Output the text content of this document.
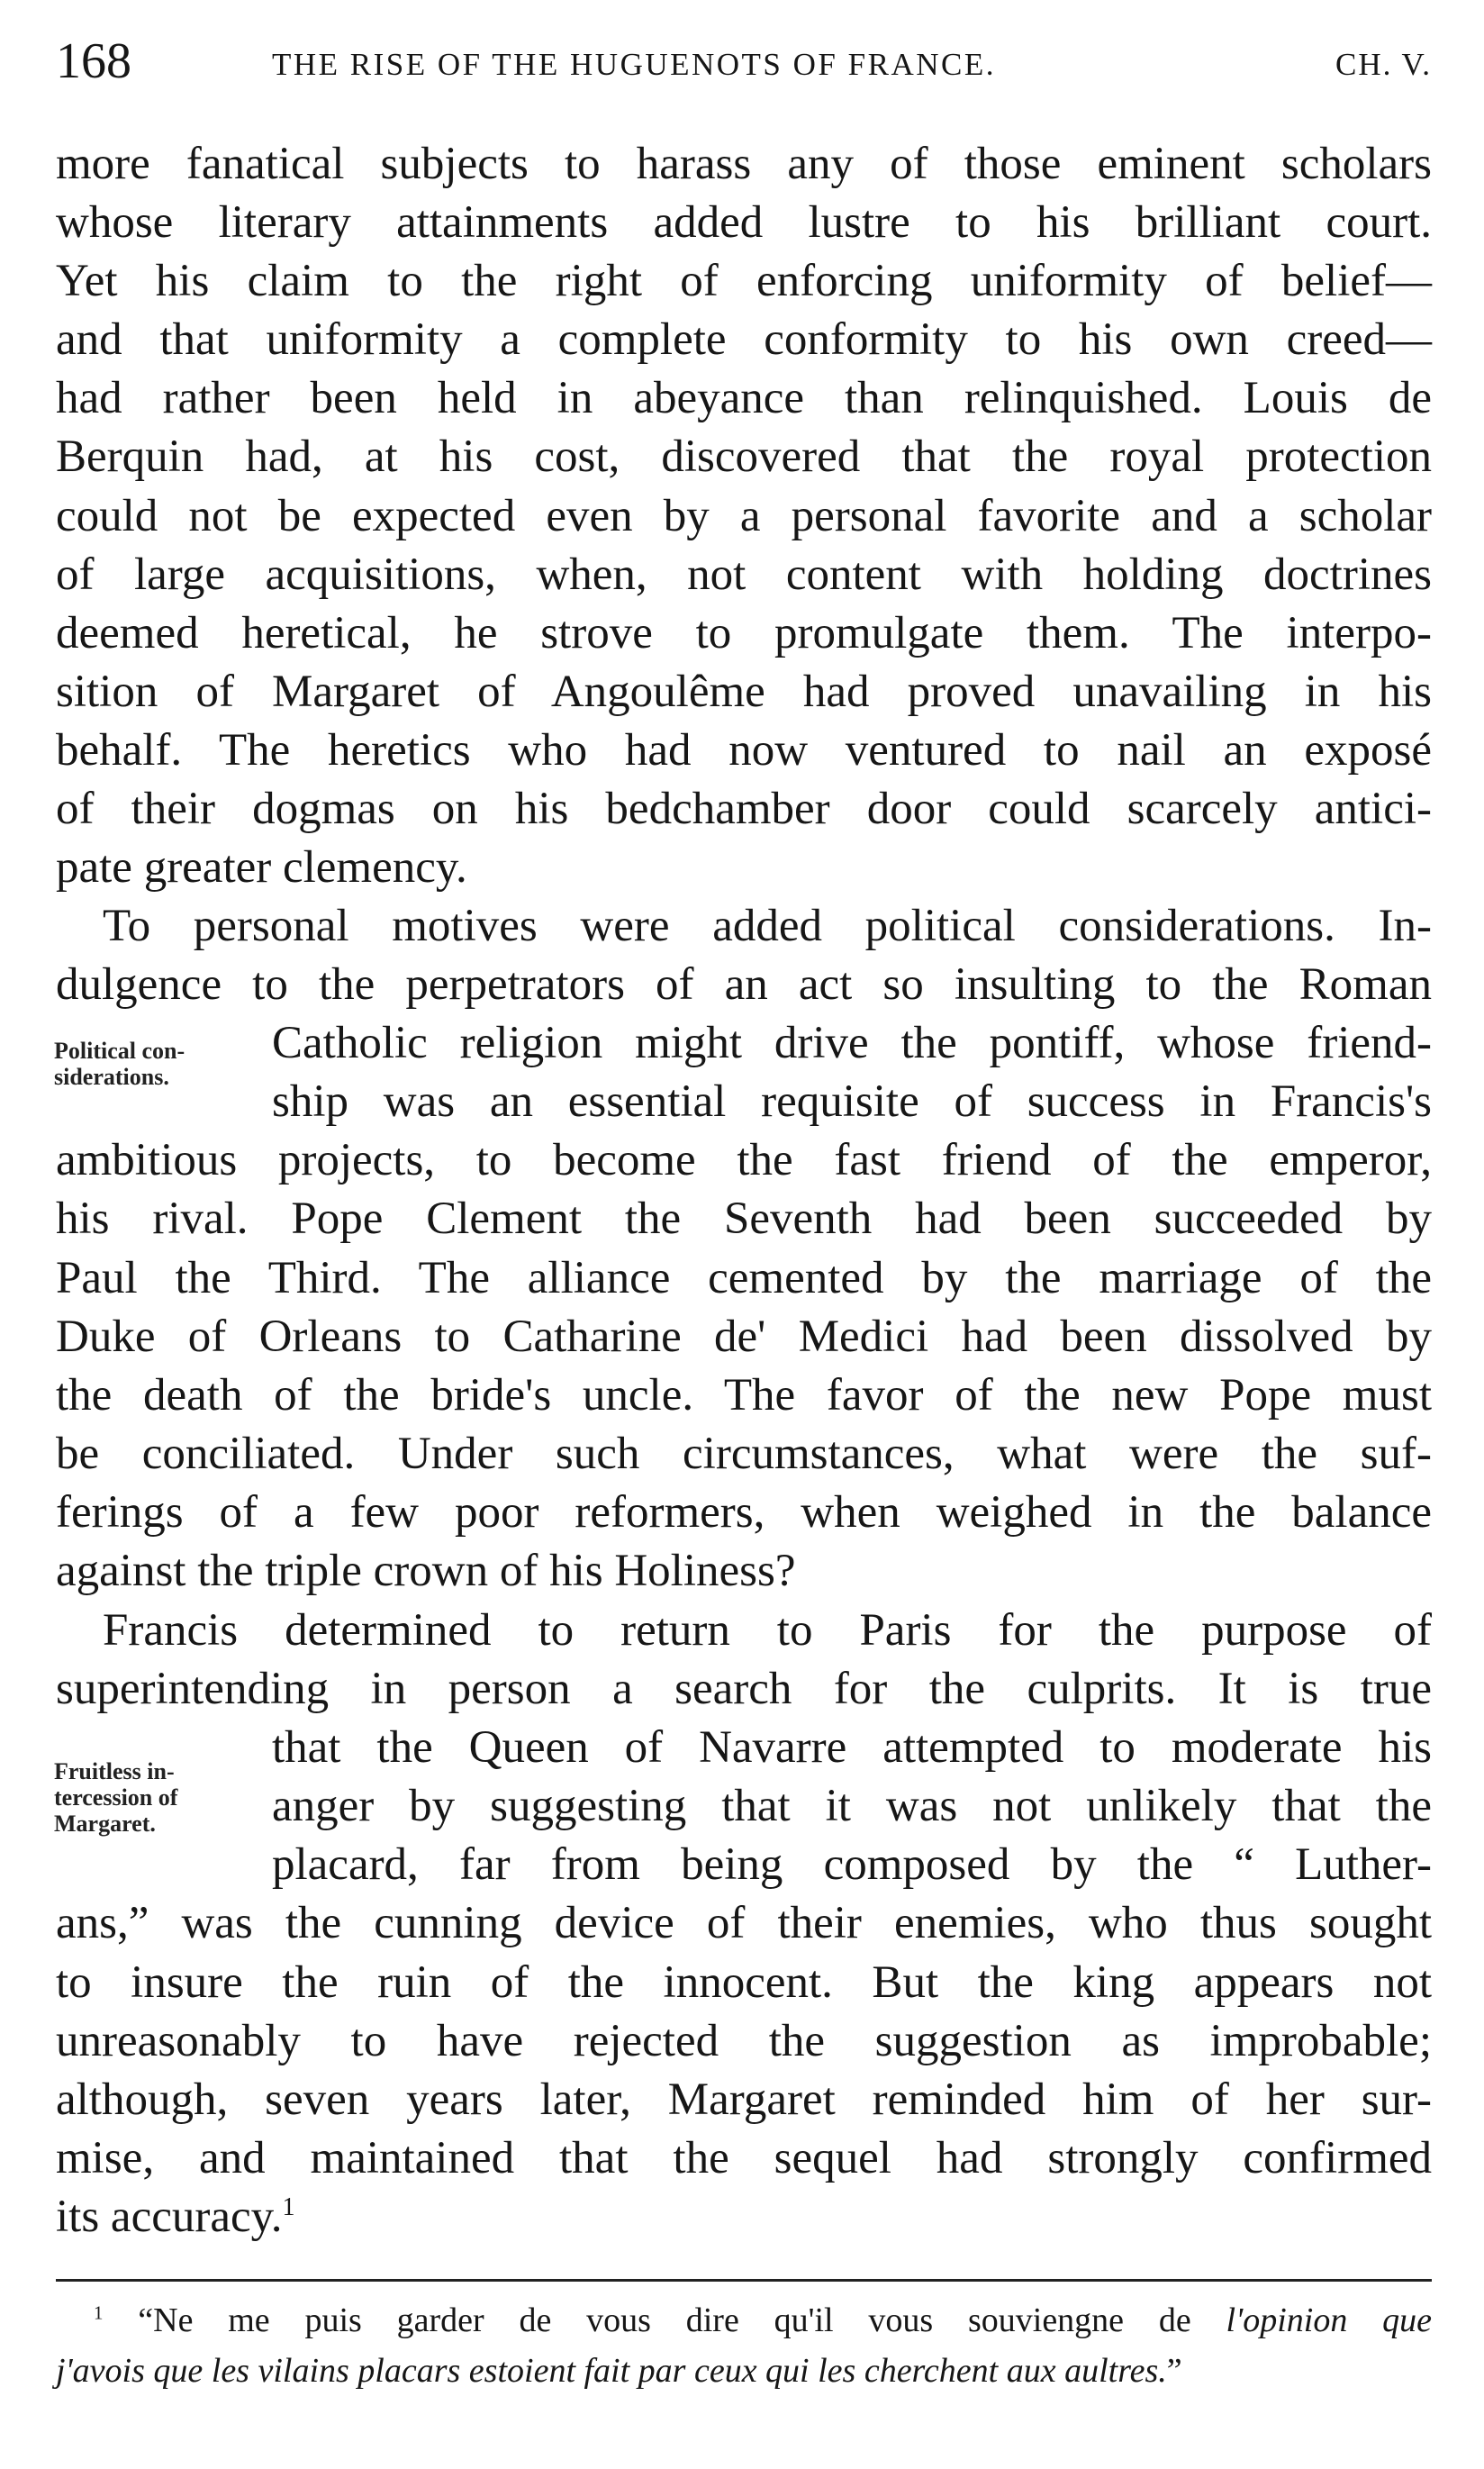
168	THE RISE OF THE HUGUENOTS OF FRANCE.	CH. V.
more fanatical subjects to harass any of those eminent scholars
whose literary attainments added lustre to his brilliant court.
Yet his claim to the right of enforcing uniformity of belief—
and that uniformity a complete conformity to his own creed—
had rather been held in abeyance than relinquished. Louis de
Berquin had, at his cost, discovered that the royal protection
could not be expected even by a personal favorite and a scholar
of large acquisitions, when, not content with holding doctrines
deemed heretical, he strove to promulgate them. The interpo-
sition of Margaret of Angoulême had proved unavailing in his
behalf. The heretics who had now ventured to nail an exposé
of their dogmas on his bedchamber door could scarcely antici-
pate greater clemency.
To personal motives were added political considerations. In-
dulgence to the perpetrators of an act so insulting to the Roman
Catholic religion might drive the pontiff, whose friend-
ship was an essential requisite of success in Francis's
ambitious projects, to become the fast friend of the emperor,
his rival. Pope Clement the Seventh had been succeeded by
Paul the Third. The alliance cemented by the marriage of the
Duke of Orleans to Catharine de' Medici had been dissolved by
the death of the bride's uncle. The favor of the new Pope must
be conciliated. Under such circumstances, what were the suf-
ferings of a few poor reformers, when weighed in the balance
against the triple crown of his Holiness?
Political con-
siderations.
Francis determined to return to Paris for the purpose of
superintending in person a search for the culprits. It is true
that the Queen of Navarre attempted to moderate his
anger by suggesting that it was not unlikely that the
placard, far from being composed by the “ Luther-
ans,” was the cunning device of their enemies, who thus sought
to insure the ruin of the innocent. But the king appears not
unreasonably to have rejected the suggestion as improbable;
although, seven years later, Margaret reminded him of her sur-
mise, and maintained that the sequel had strongly confirmed
its accuracy.$^1$
Fruitless in-
tercession of
Margaret.
$^1$ “Ne me puis garder de vous dire qu'il vous souviengne de l'opinion que
j'avois que les vilains placars estoient fait par ceux qui les cherchent aux aultres.”
